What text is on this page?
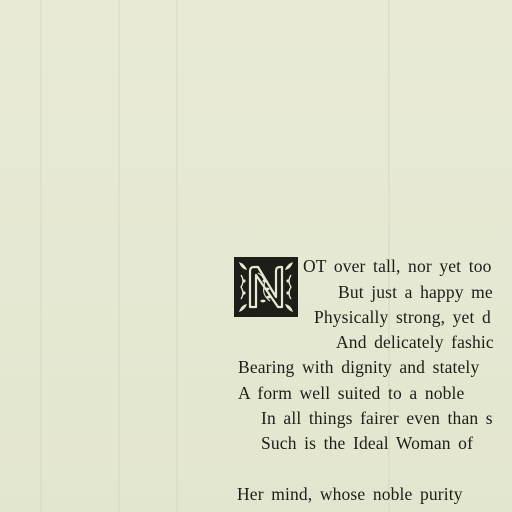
N
OT over tall, nor yet too
But just a happy me
Physically strong, yet d
And delicately fashic
Bearing with dignity and stately
A form well suited to a noble
In all things fairer even than s
Such is the Ideal Woman of
Her mind, whose noble purity
